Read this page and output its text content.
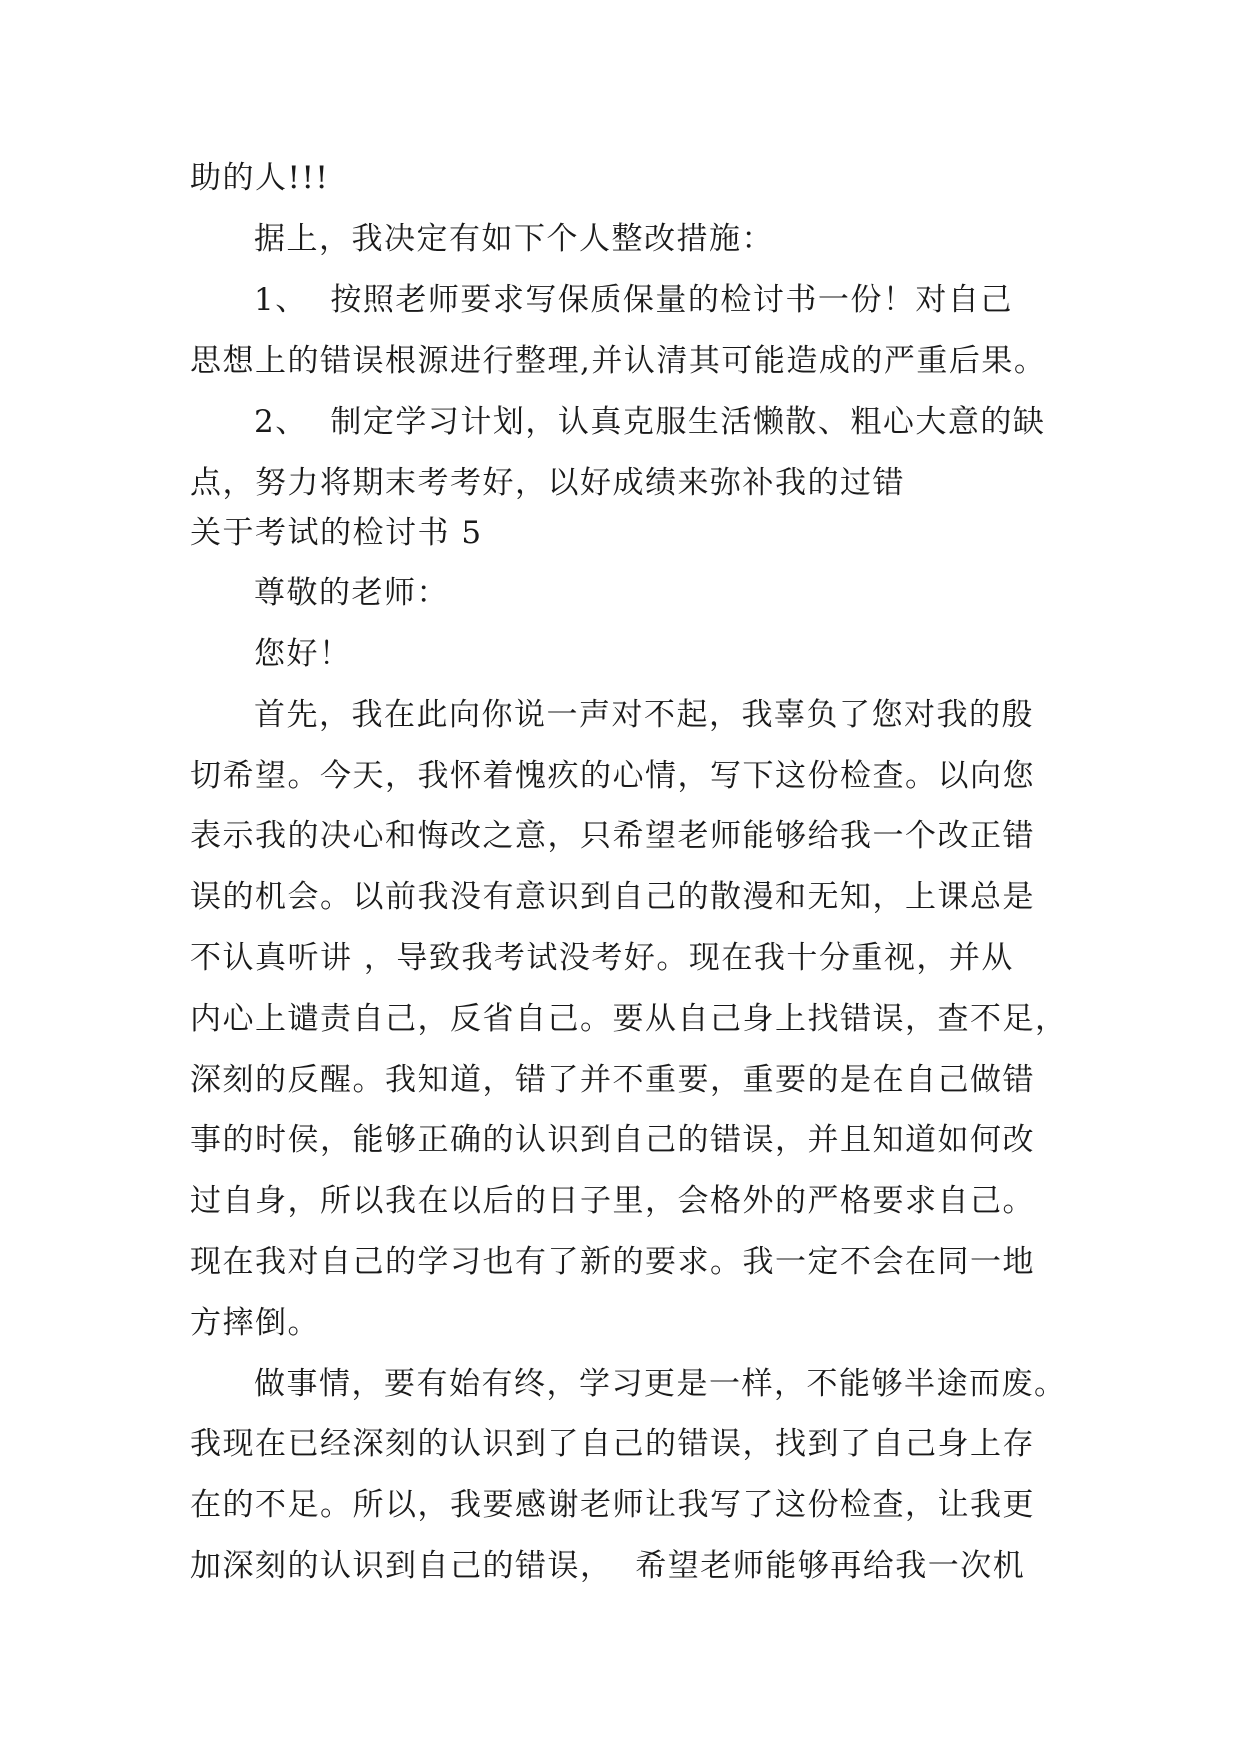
助的人!!!
据上，我决定有如下个人整改措施：
1、  按照老师要求写保质保量的检讨书一份！对自己
思想上的错误根源进行整理,并认清其可能造成的严重后果。
2、  制定学习计划，认真克服生活懒散、粗心大意的缺
点，努力将期末考考好，以好成绩来弥补我的过错
关于考试的检讨书 5
尊敬的老师：
您好！
首先，我在此向你说一声对不起，我辜负了您对我的殷
切希望。今天，我怀着愧疚的心情，写下这份检查。以向您
表示我的决心和悔改之意，只希望老师能够给我一个改正错
误的机会。以前我没有意识到自己的散漫和无知，上课总是
不认真听讲 ，导致我考试没考好。现在我十分重视，并从
内心上谴责自己，反省自己。要从自己身上找错误，查不足，
深刻的反醒。我知道，错了并不重要，重要的是在自己做错
事的时侯，能够正确的认识到自己的错误，并且知道如何改
过自身，所以我在以后的日子里，会格外的严格要求自己。
现在我对自己的学习也有了新的要求。我一定不会在同一地
方摔倒。
做事情，要有始有终，学习更是一样，不能够半途而废。
我现在已经深刻的认识到了自己的错误，找到了自己身上存
在的不足。所以，我要感谢老师让我写了这份检查，让我更
加深刻的认识到自己的错误，  希望老师能够再给我一次机
